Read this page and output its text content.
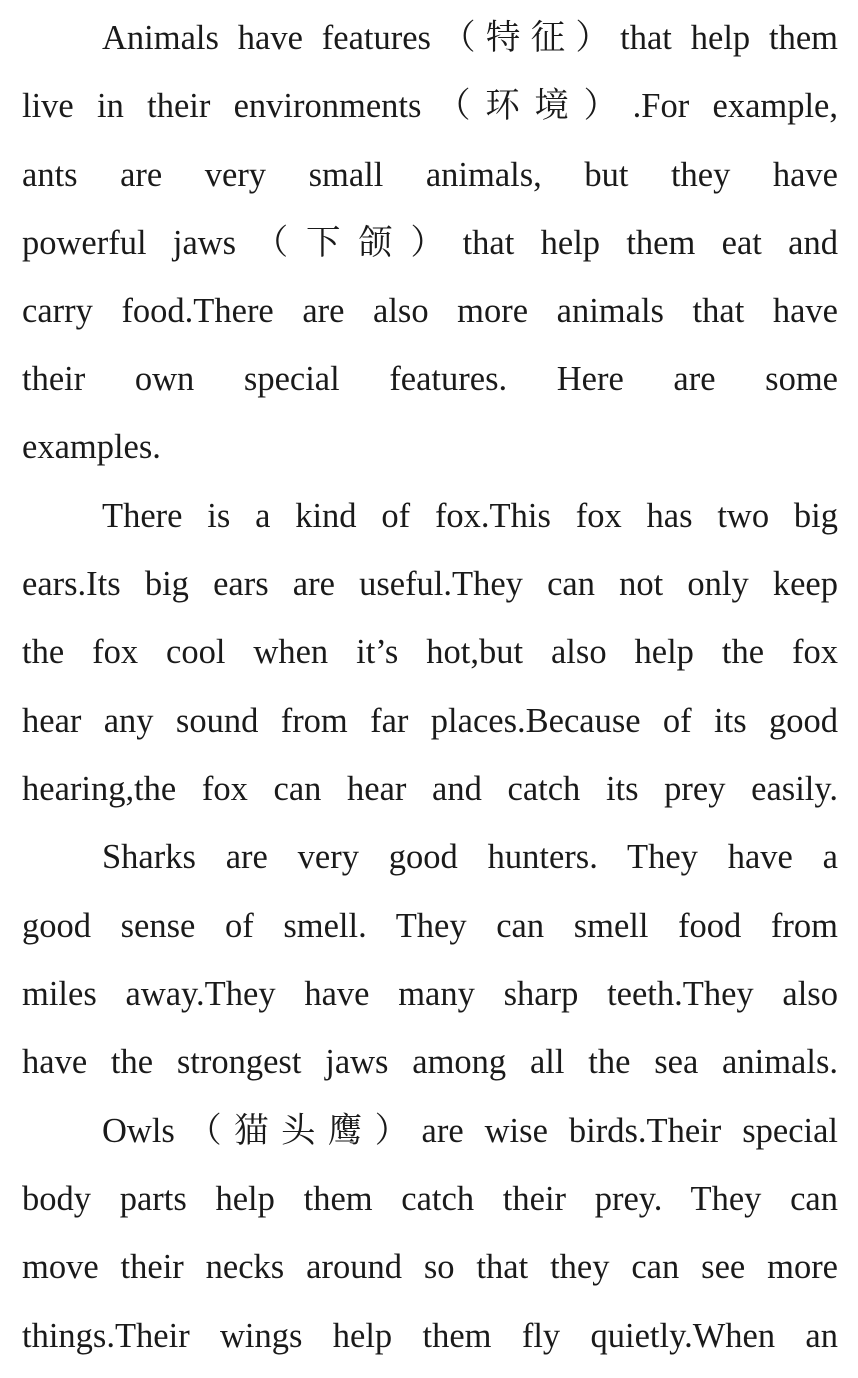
Animals have features（特征）that help them
live in their environments（环境）.For example,
ants are very small animals, but they have
powerful jaws（下颌）that help them eat and
carry food.There are also more animals that have
their own special features. Here are some
examples.
There is a kind of fox.This fox has two big
ears.Its big ears are useful.They can not only keep
the fox cool when it’s hot,but also help the fox
hear any sound from far places.Because of its good
hearing,the fox can hear and catch its prey easily.
Sharks are very good hunters. They have a
good sense of smell. They can smell food from
miles away.They have many sharp teeth.They also
have the strongest jaws among all the sea animals.
Owls（猫头鹰）are wise birds.Their special
body parts help them catch their prey. They can
move their necks around so that they can see more
things.Their wings help them fly quietly.When an
